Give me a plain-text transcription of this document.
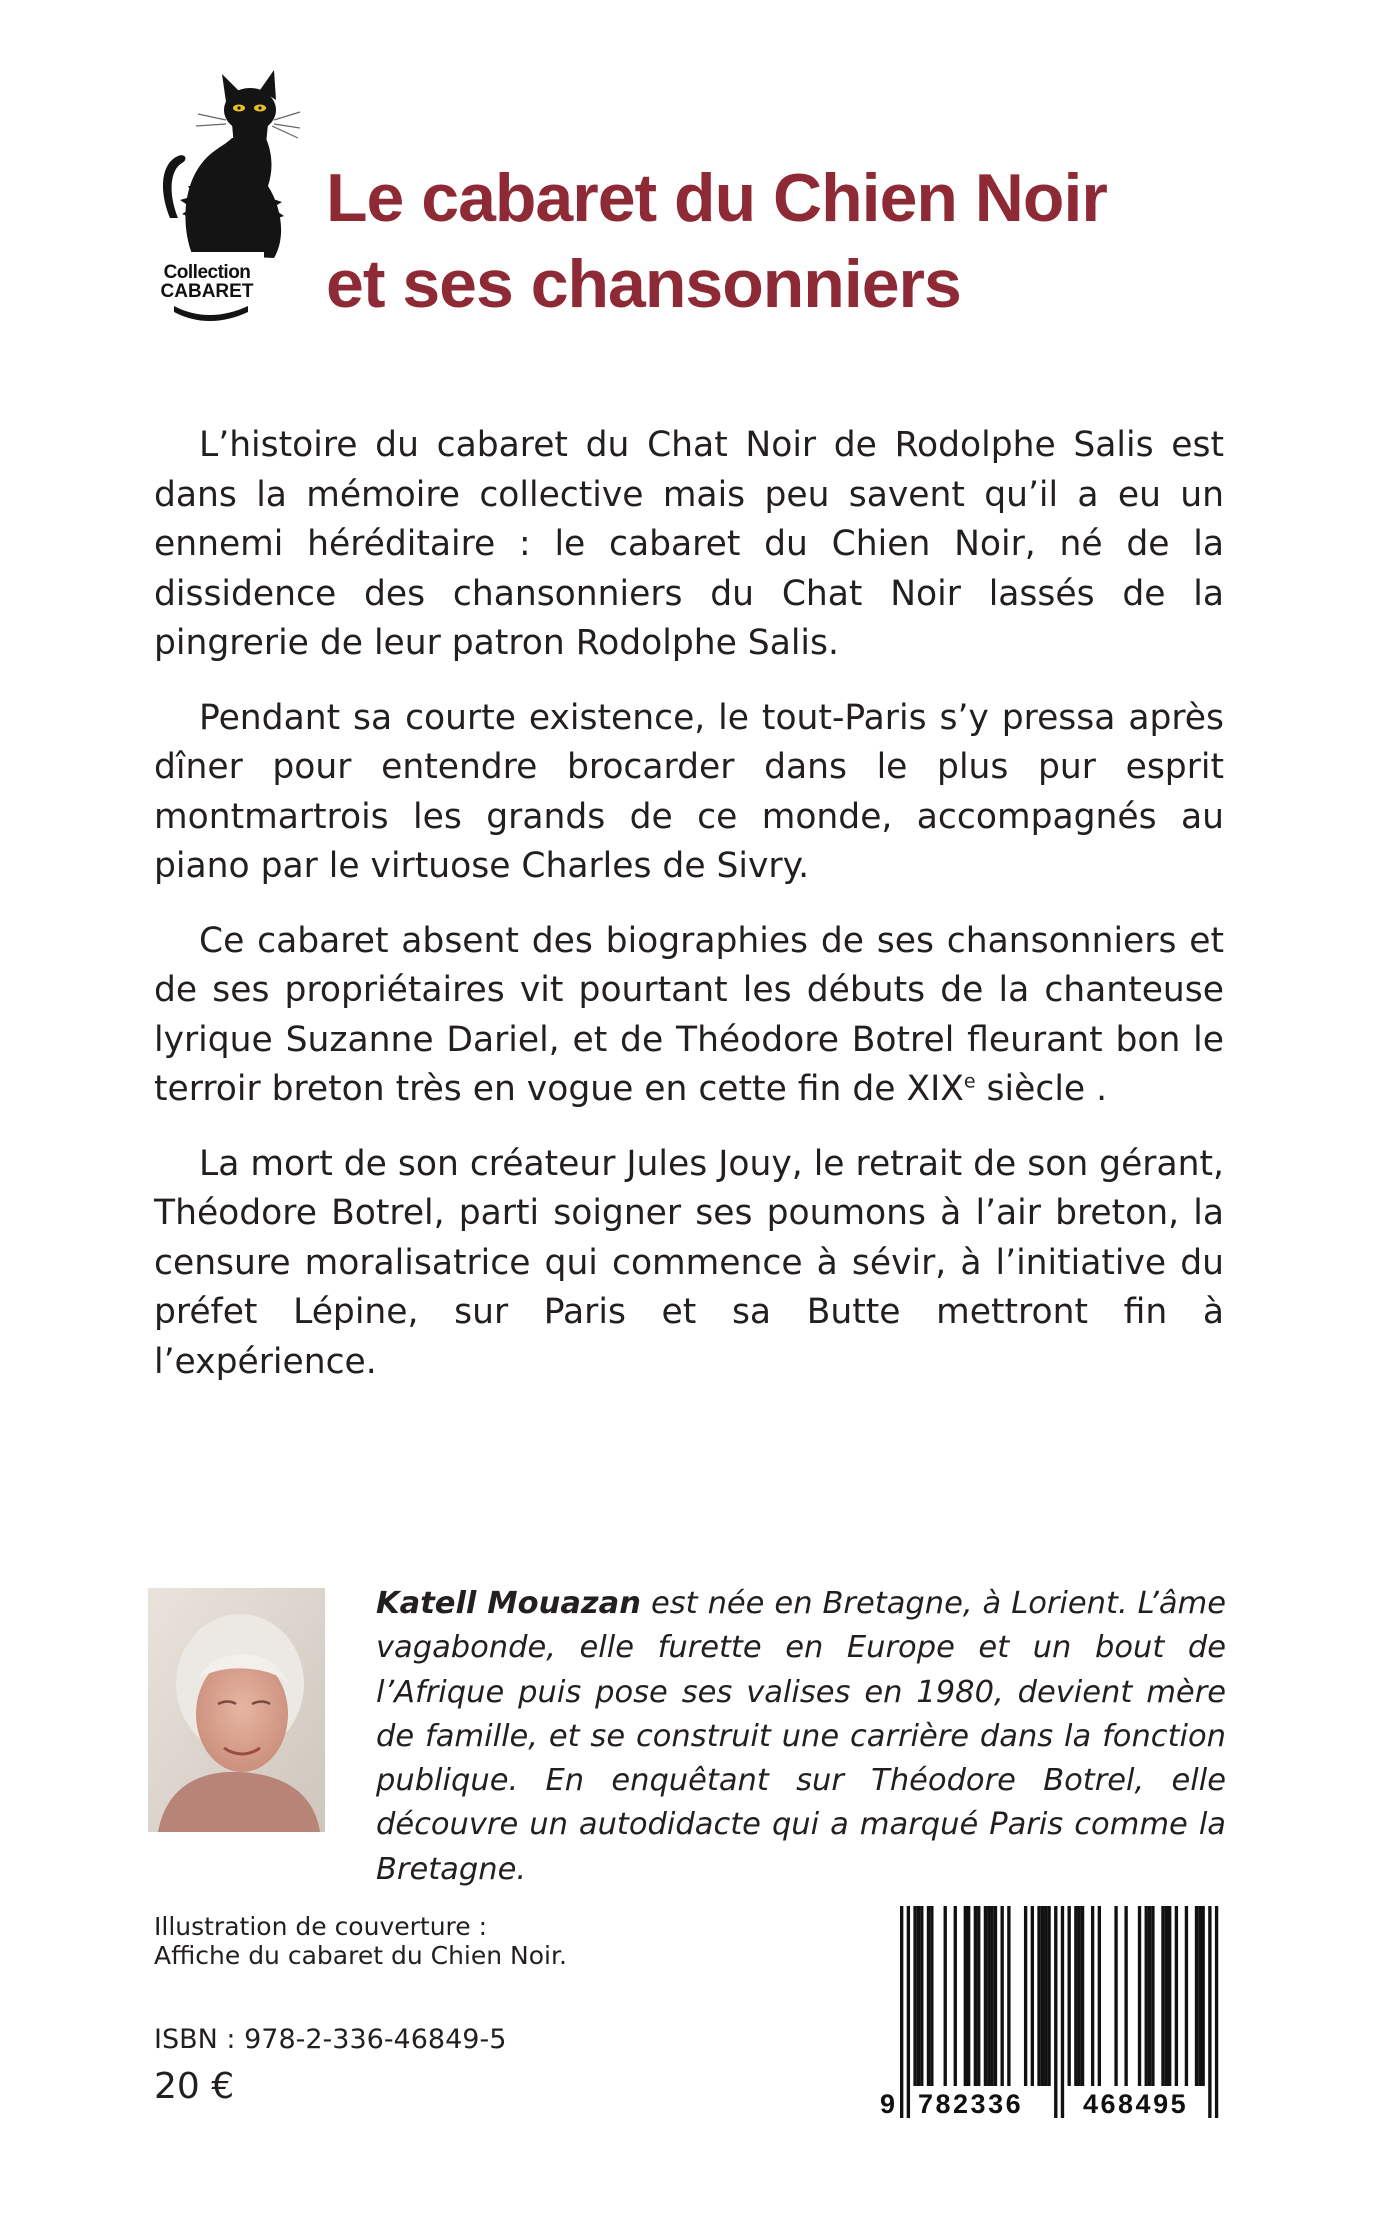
Collection
CABARET
Le cabaret du Chien Noir
et ses chansonniers

L’histoire du cabaret du Chat Noir de Rodolphe Salis est dans la mémoire collective mais peu savent qu’il a eu un ennemi héréditaire : le cabaret du Chien Noir, né de la dissidence des chansonniers du Chat Noir lassés de la pingrerie de leur patron Rodolphe Salis.

Pendant sa courte existence, le tout-Paris s’y pressa après dîner pour entendre brocarder dans le plus pur esprit montmartrois les grands de ce monde, accompagnés au piano par le virtuose Charles de Sivry.

Ce cabaret absent des biographies de ses chansonniers et de ses propriétaires vit pourtant les débuts de la chanteuse lyrique Suzanne Dariel, et de Théodore Botrel fleurant bon le terroir breton très en vogue en cette fin de XIXe siècle .

La mort de son créateur Jules Jouy, le retrait de son gérant, Théodore Botrel, parti soigner ses poumons à l’air breton, la censure moralisatrice qui commence à sévir, à l’initiative du préfet Lépine, sur Paris et sa Butte mettront fin à l’expérience.

Katell Mouazan est née en Bretagne, à Lorient. L’âme vagabonde, elle furette en Europe et un bout de l’Afrique puis pose ses valises en 1980, devient mère de famille, et se construit une carrière dans la fonction publique. En enquêtant sur Théodore Botrel, elle découvre un autodidacte qui a marqué Paris comme la Bretagne.
Illustration de couverture :
Affiche du cabaret du Chien Noir.
ISBN : 978-2-336-46849-5
20 €	9 782336 468495
